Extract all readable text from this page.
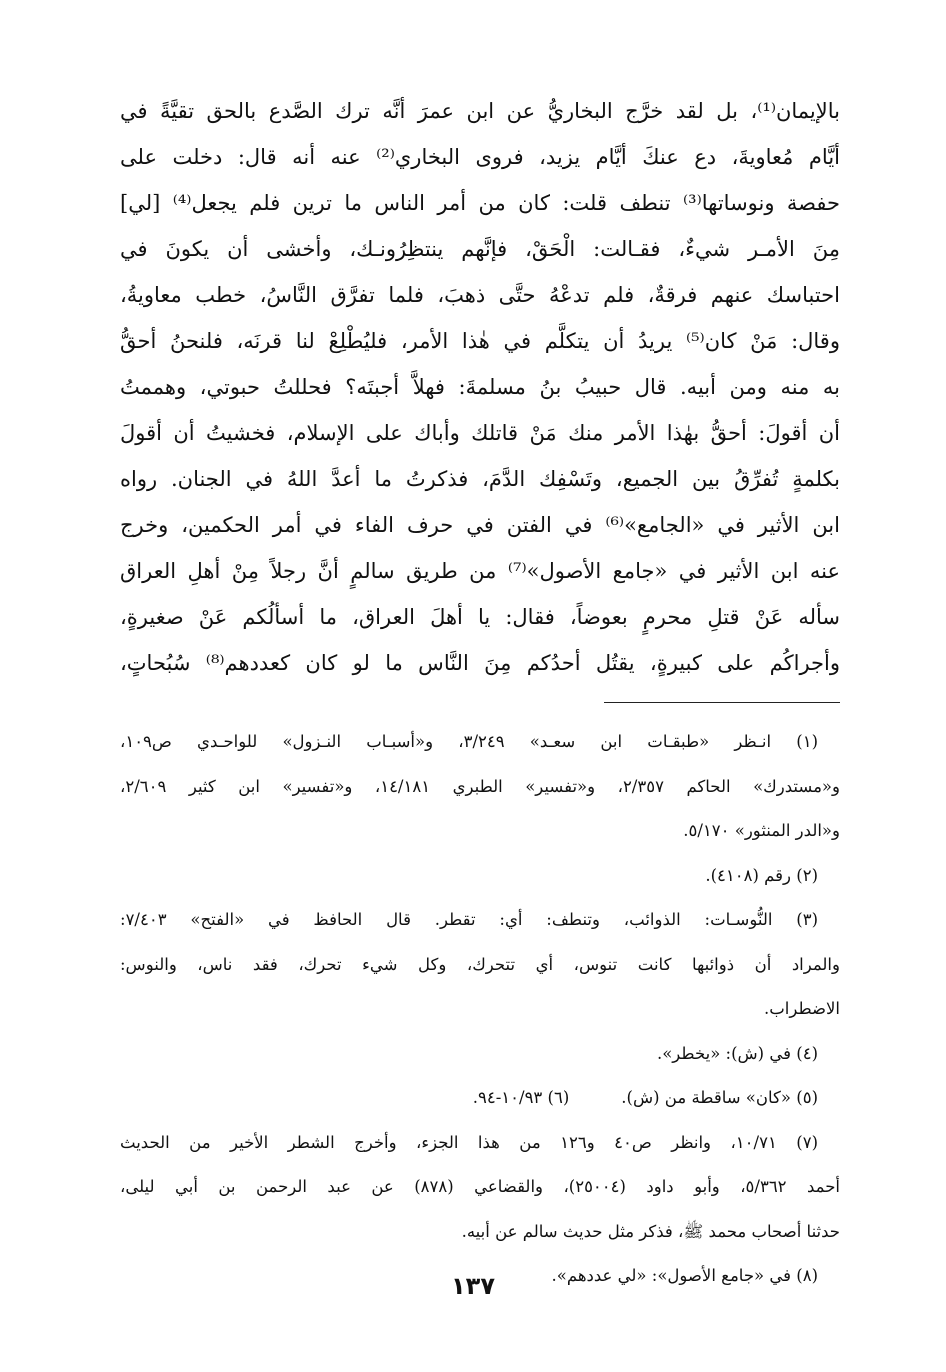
بالإيمان⁽¹⁾، بل لقد خرَّج البخاريُّ عن ابن عمرَ أنَّه ترك الصَّدع بالحق تقيَّةً في
أيَّام مُعاويةَ، دع عنكَ أيَّام يزيد، فروى البخاري⁽²⁾ عنه أنه قال: دخلت على
حفصة ونوساتها⁽³⁾ تنطف قلت: كان من أمر الناس ما ترين فلم يجعل⁽⁴⁾ [لي]
مِنَ الأمـر شيءٌ، فقـالت: الْحَقْ، فإنَّهم ينتظِرُونـك، وأخشى أن يكونَ في
احتباسك عنهم فرقةٌ، فلم تدعْهُ حتَّى ذهبَ، فلما تفرَّق النَّاسُ، خطب معاويةُ،
وقال: مَنْ كان⁽⁵⁾ يريدُ أن يتكلَّم في هٰذا الأمر، فليُطْلِعْ لنا قرنَه، فلنحنُ أحقُّ
به منه ومن أبيه. قال حبيبُ بنُ مسلمةَ: فهلاَّ أجبتَه؟ فحللتُ حبوتي، وهممتُ
أن أقولَ: أحقُّ بهٰذا الأمر منك مَنْ قاتلك وأباك على الإسلام، فخشيتُ أن أقولَ
بكلمةٍ تُفرِّقُ بين الجميع، وتَسْفِك الدَّمَ، فذكرتُ ما أعدَّ اللهُ في الجنان. رواه
ابن الأثير في «الجامع»⁽⁶⁾ في الفتن في حرف الفاء في أمر الحكمين، وخرج
عنه ابن الأثير في «جامع الأصول»⁽⁷⁾ من طريق سالمٍ أنَّ رجلاً مِنْ أهلِ العراق
سأله عَنْ قتلِ محرمٍ بعوضاً، فقال: يا أهلَ العراق، ما أسألُكم عَنْ صغيرةٍ،
وأجراكُم على كبيرةٍ، يقتُل أحدُكم مِنَ النَّاس ما لو كان كعددهم⁽⁸⁾ سُبُحاتٍ،
(١) انـظر «طبقـات ابن سعـد» ٣/٢٤٩، و«أسبـاب النـزول» للواحـدي ص١٠٩،
و«مستدرك» الحاكم ٢/٣٥٧، و«تفسير» الطبري ١٤/١٨١، و«تفسير» ابن كثير ٢/٦٠٩،
و«الدر المنثور» ٥/١٧٠.
(٢) رقم (٤١٠٨).
(٣) النُّوسـات: الذوائب، وتنطف: أي: تقطر. قال الحافظ في «الفتح» ٧/٤٠٣:
والمراد أن ذوائبها كانت تنوس، أي تتحرك، وكل شيء تحرك، فقد ناس، والنوس:
الاضطراب.
(٤) في (ش): «يخطر».
(٥) «كان» ساقطة من (ش).(٦) ١٠/٩٣-٩٤.
(٧) ١٠/٧١، وانظر ص٤٠ و١٢٦ من هذا الجزء، وأخرج الشطر الأخير من الحديث
أحمد ٥/٣٦٢، وأبو داود (٢٥٠٠٤)، والقضاعي (٨٧٨) عن عبد الرحمن بن أبي ليلى،
حدثنا أصحاب محمد ﷺ، فذكر مثل حديث سالم عن أبيه.
(٨) في «جامع الأصول»: «لي عددهم».
١٣٧
